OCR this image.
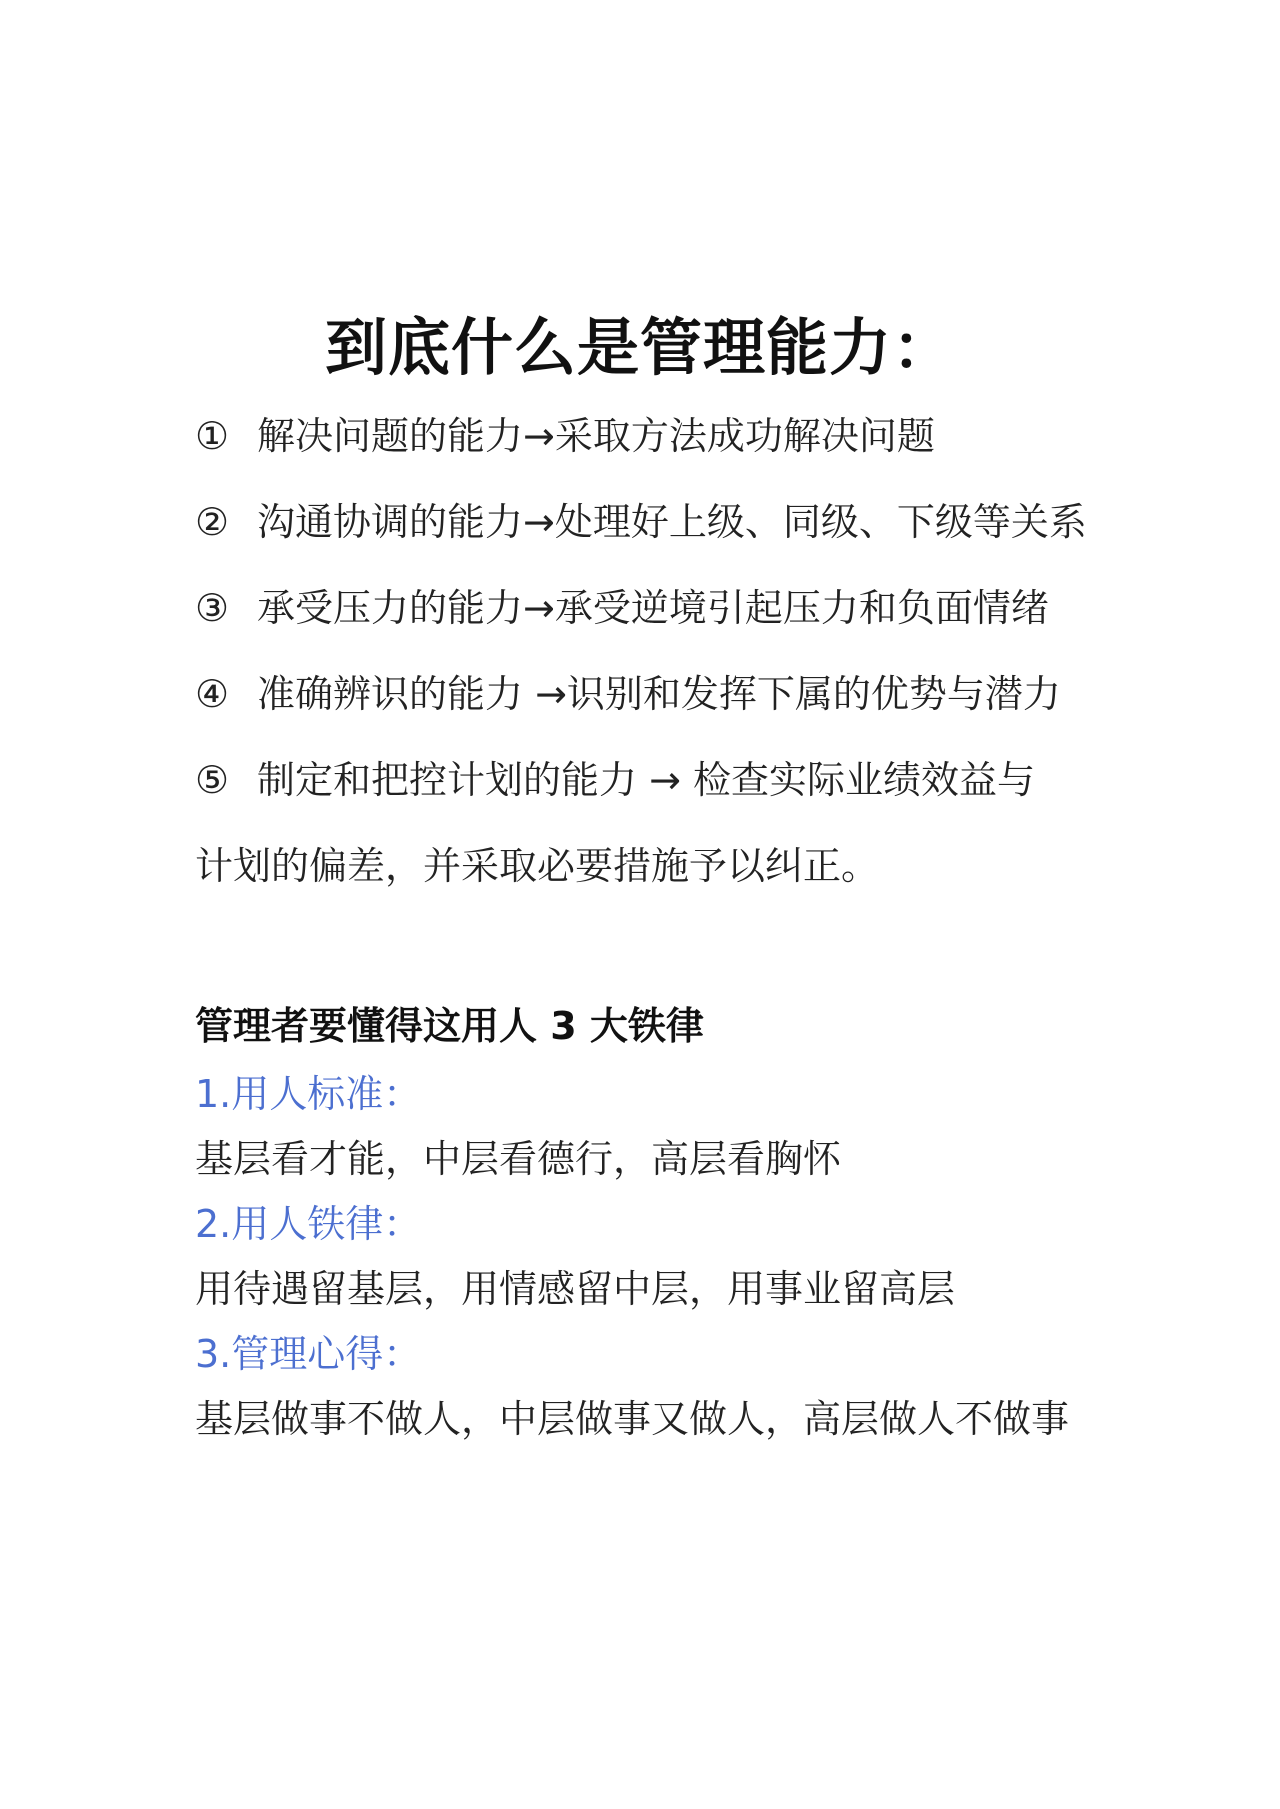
到底什么是管理能力：
① 解决问题的能力→采取方法成功解决问题
② 沟通协调的能力→处理好上级、同级、下级等关系
③ 承受压力的能力→承受逆境引起压力和负面情绪
④ 准确辨识的能力 →识别和发挥下属的优势与潜力
⑤ 制定和把控计划的能力 → 检查实际业绩效益与
计划的偏差，并采取必要措施予以纠正。
管理者要懂得这用人 3 大铁律
1.用人标准：
基层看才能，中层看德行，高层看胸怀
2.用人铁律：
用待遇留基层，用情感留中层，用事业留高层
3.管理心得：
基层做事不做人，中层做事又做人，高层做人不做事
